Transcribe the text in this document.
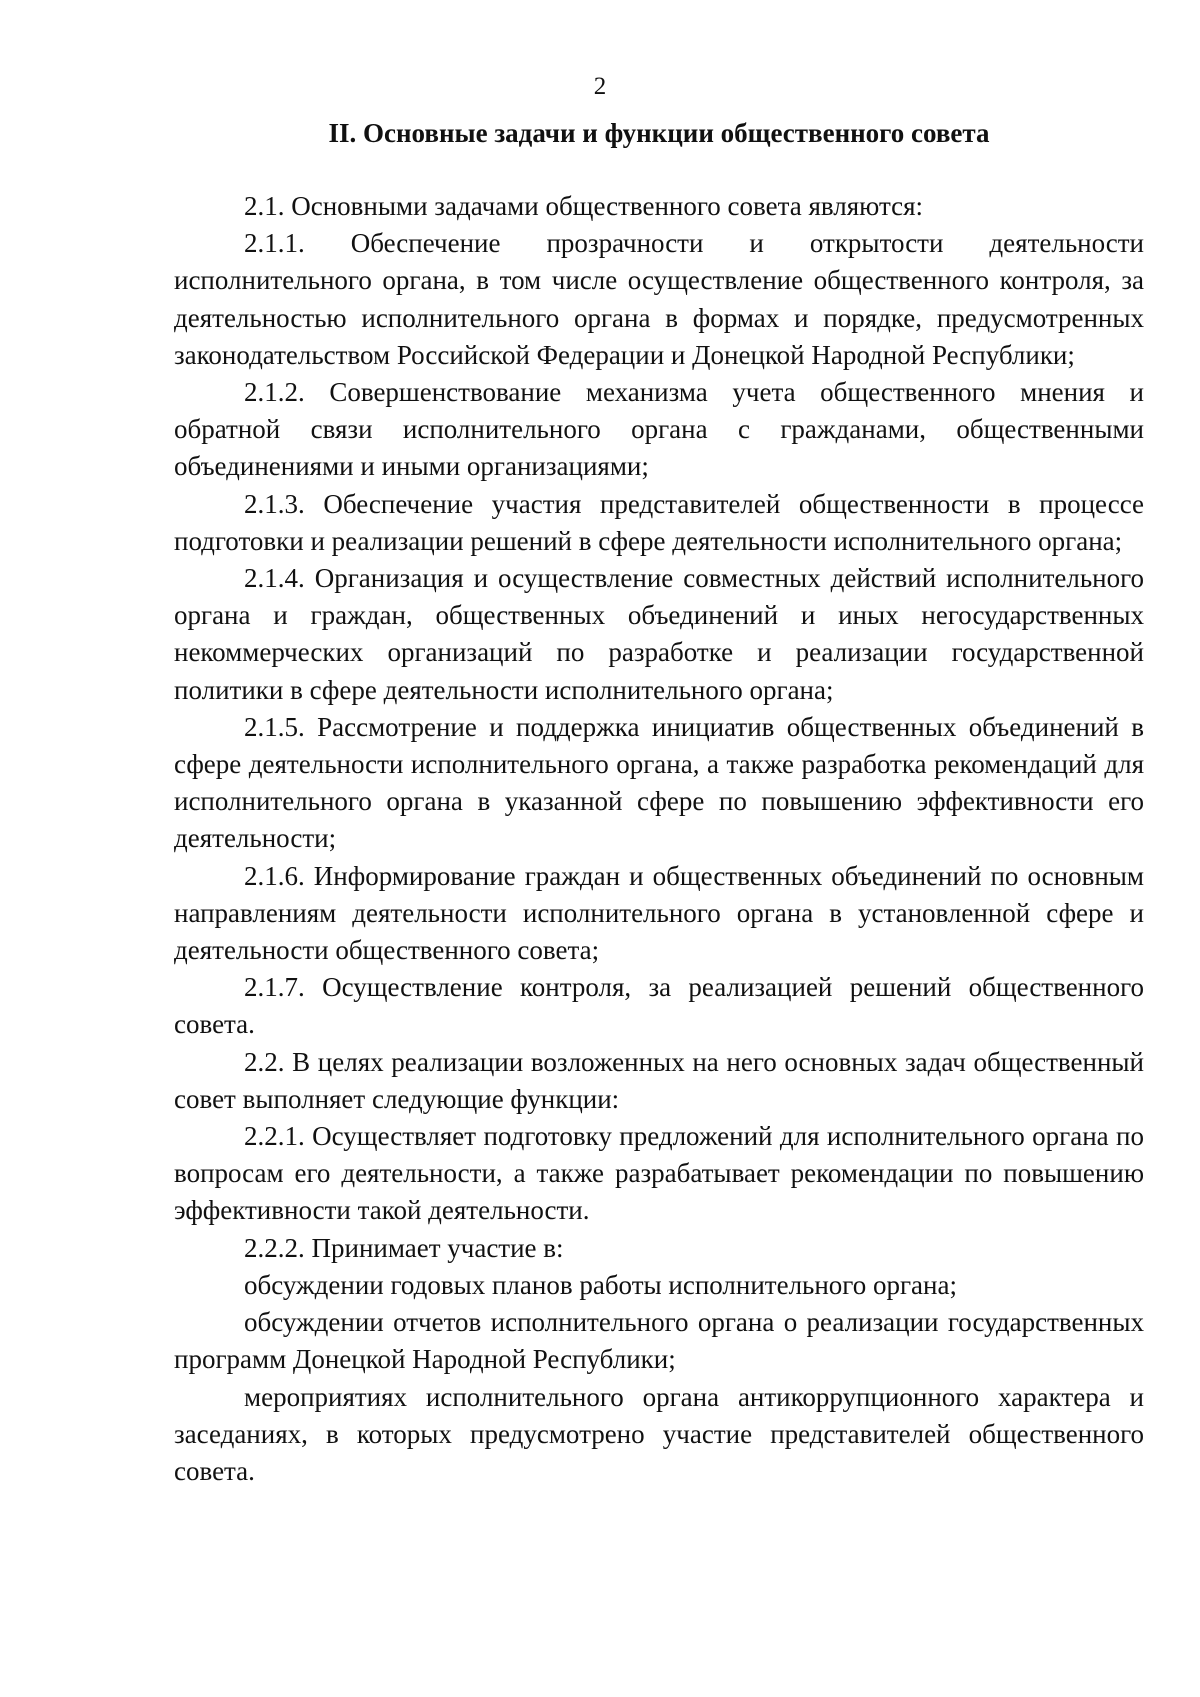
2
II. Основные задачи и функции общественного совета

2.1. Основными задачами общественного совета являются:

2.1.1. Обеспечение прозрачности и открытости деятельности исполнительного органа, в том числе осуществление общественного контроля, за деятельностью исполнительного органа в формах и порядке, предусмотренных законодательством Российской Федерации и Донецкой Народной Республики;

2.1.2. Совершенствование механизма учета общественного мнения и обратной связи исполнительного органа с гражданами, общественными объединениями и иными организациями;

2.1.3. Обеспечение участия представителей общественности в процессе подготовки и реализации решений в сфере деятельности исполнительного органа;

2.1.4. Организация и осуществление совместных действий исполнительного органа и граждан, общественных объединений и иных негосударственных некоммерческих организаций по разработке и реализации государственной политики в сфере деятельности исполнительного органа;

2.1.5. Рассмотрение и поддержка инициатив общественных объединений в сфере деятельности исполнительного органа, а также разработка рекомендаций для исполнительного органа в указанной сфере по повышению эффективности его деятельности;

2.1.6. Информирование граждан и общественных объединений по основным направлениям деятельности исполнительного органа в установленной сфере и деятельности общественного совета;

2.1.7. Осуществление контроля, за реализацией решений общественного совета.

2.2. В целях реализации возложенных на него основных задач общественный совет выполняет следующие функции:

2.2.1. Осуществляет подготовку предложений для исполнительного органа по вопросам его деятельности, а также разрабатывает рекомендации по повышению эффективности такой деятельности.

2.2.2. Принимает участие в:

обсуждении годовых планов работы исполнительного органа;

обсуждении отчетов исполнительного органа о реализации государственных программ Донецкой Народной Республики;

мероприятиях исполнительного органа антикоррупционного характера и заседаниях, в которых предусмотрено участие представителей общественного совета.
